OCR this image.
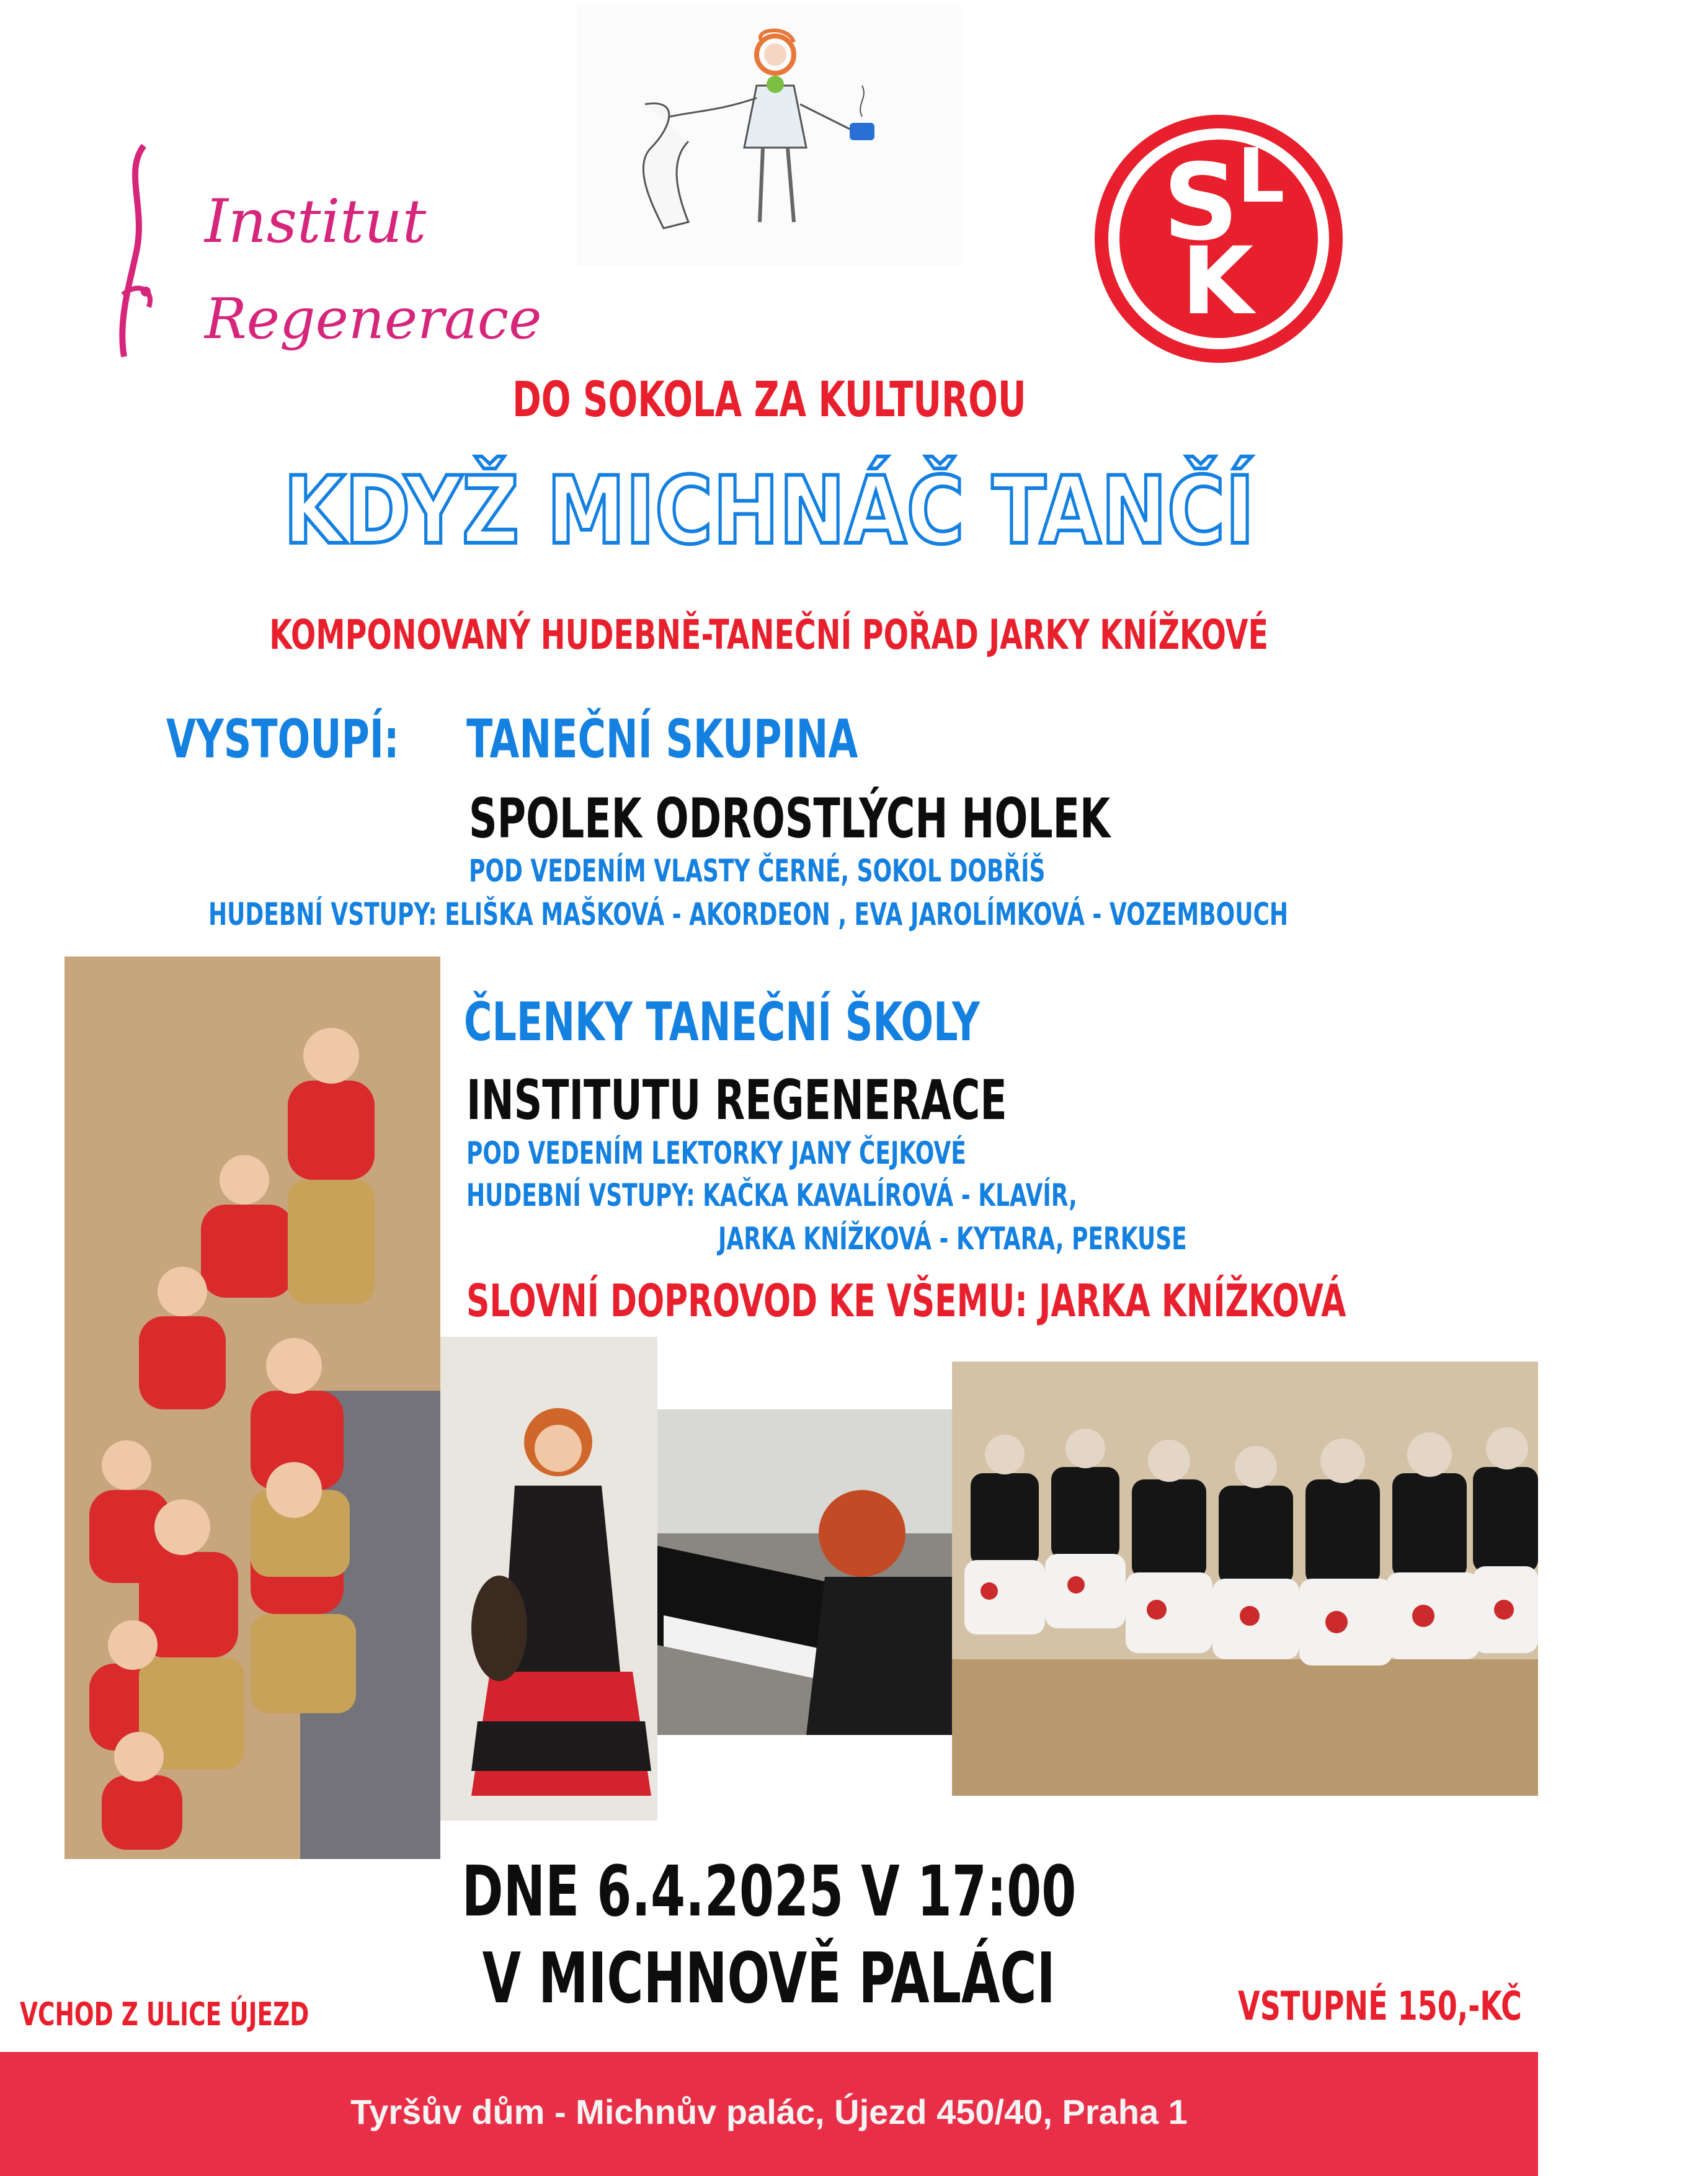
Institut
Regenerace
S
L
K
DO SOKOLA ZA KULTUROU
KDYŽ MICHNÁČ TANČÍ
KOMPONOVANÝ HUDEBNĚ-TANEČNÍ POŘAD JARKY KNÍŽKOVÉ
VYSTOUPÍ:	TANEČNÍ SKUPINA
SPOLEK ODROSTLÝCH HOLEK
POD VEDENÍM VLASTY ČERNÉ, SOKOL DOBŘÍŠ
HUDEBNÍ VSTUPY: ELIŠKA MAŠKOVÁ - AKORDEON , EVA JAROLÍMKOVÁ - VOZEMBOUCH
ČLENKY TANEČNÍ ŠKOLY
INSTITUTU REGENERACE
POD VEDENÍM LEKTORKY JANY ČEJKOVÉ
HUDEBNÍ VSTUPY: KAČKA KAVALÍROVÁ - KLAVÍR,
JARKA KNÍŽKOVÁ - KYTARA, PERKUSE
SLOVNÍ DOPROVOD KE VŠEMU: JARKA KNÍŽKOVÁ
DNE 6.4.2025 V 17:00
V MICHNOVĚ PALÁCI
VCHOD Z ULICE ÚJEZD	VSTUPNÉ 150,-KČ
Tyršův dům - Michnův palác, Újezd 450/40, Praha 1
